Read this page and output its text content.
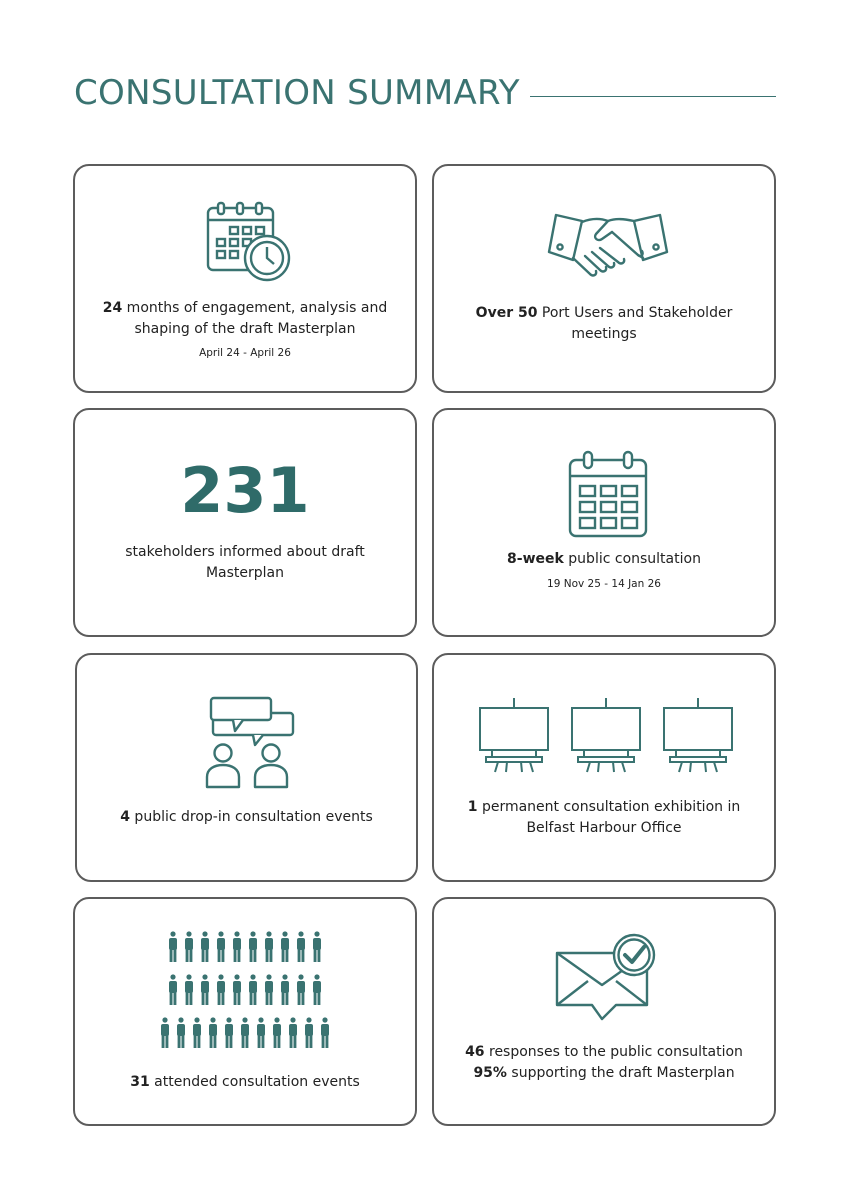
CONSULTATION SUMMARY
24 months of engagement, analysis and shaping of the draft Masterplan
April 24 - April 26
Over 50 Port Users and Stakeholder meetings
231
stakeholders informed about draft Masterplan
8-week public consultation
19 Nov 25 - 14 Jan 26
4 public drop-in consultation events
1 permanent consultation exhibition in Belfast Harbour Office
31 attended consultation events
46 responses to the public consultation
95% supporting the draft Masterplan
